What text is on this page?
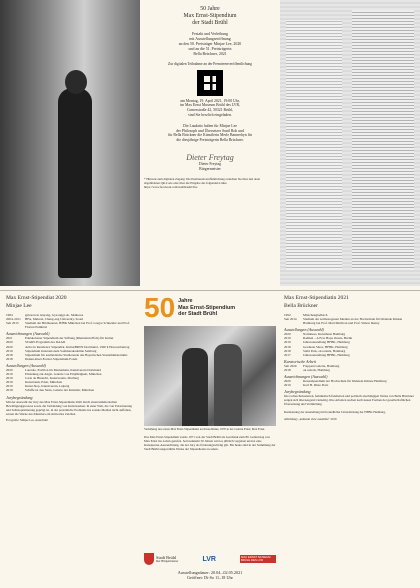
50 Jahre
Max Ernst-Stipendium
der Stadt Brühl
Festakt und Verleihung
mit Ausstellungseröffnung
an den 50. Preisträger Minjae Lee, 2020
und an die 51. Preisträgerin
Bella Brückner, 2021
Zur digitalen Teilnahme an der Premierenveröffentlichung
am Montag, 19. April 2021, 19:00 Uhr,
im Max Ernst Museum Brühl des LVR,
Comesstraße 42, 50321 Brühl,
sind Sie herzlich eingeladen.
Die Laudatio halten für Minjae Lee
der Philosoph und Übersetzer Sunil Roh und
für Bella Brückner die Künstlerin Merle Bannerhyn für
die diesjährige Preisträgerin Bella Brückner.
Dieter Freytag
Dieter Freytag
Bürgermeister
* Hinweis zum digitalen Zugang: Die Premierenveröffentlichung erreichen Sie über den oben abgebildeten QR-Code oder über die Eingabe des folgenden Links: https://www.facebook.com/stadtbruehl/live
Max Ernst-Stipendiat 2020
Minjae Lee
1984	geboren in Anyang, Gyeonggi-do, Südkorea
2004–2011	BFA, Malerei, Chung-ang University, Seoul
Seit 2015	Studium der Bildhauerei, HfBK München bei Prof. Gregor Schneider und Prof. Florian Pumhösl
Auszeichnungen (Auswahl)
2021	Edenkobener Stipendium der Stiftung (Rheinland-Pfalz) für Kultur
2020	START-Programm des DAAD
2020	Artist in Residence Stipendiat, KulturBRNS Dortmund, 1500 € Honorarbeitrag
2019	Stipendium Internationale Sommerakademie Salzburg
2018	Stipendium für ausländische Studierende des Bayerischen Staatsministeriums
2018	Dokun-Kuel-Forster-Stipendium-Fonds
Ausstellungen (Auswahl)
2020	Laterale, Pavillon im Marienhain, Kunstverein Dortmund
2019	Einladung zur Angst, Galerie von Einjährigkeit, München
2019	Carte de Hinsicht, Kunstverein, Marburg
2019	Kunstraum, Eden, München
2019	Kunst.Stop, Kunstverein, Leipzig
2018	Schiffe ist den Stein, Galerie der Künstler, München
Jurybegründung
Mit der Auswahl der Jury des Max Ernst-Stipendiums 2020 durch einen künstlerischen Bewältigungsprozess sowie die Verbindung von Kunstwerken. In einer Welt, die von Polarisierung und Selbstoptimierung geprägt ist, in der persönliche Probleme ins soziale Medien nicht auffallen, setzen die Werke des Künstlers ein sinnvolles Zeichen.
Fotografie: Minjae Lee, Ausschnitt
50 Jahre
Max Ernst-Stipendium
der Stadt Brühl
Verleihung des ersten Max Ernst-Stipendiums an Klaus Rinke, 1970 in der Galerie Ernst; Max Ernst.
Das Max Ernst-Stipendium wurde 1971 von der Stadt Brühl als Geschenk zum 80. Geburtstag von Max Ernst ins Leben gerufen. Seit nunmehr 50 Jahren wird es jährlich vergeben und ist eine Kunstpreise-Auszeichnung, die der Jury als förderungswürdig gilt. Bis heute sind in der Sammlung der Stadt Brühl ausgewählte Werke der Stipendiaten zu sehen.
Max Ernst-Stipendiatin 2021
Bella Brückner
1992	Mönchengladbach
Seit 2014	Studium der zeitbezogenen Medien an der Hochschule für bildende Künste Hamburg bei Prof. Matt Mullican und Prof. Simon Denny
Ausstellungen (Auswahl)
2020	Nominees, Kunsthaus Hamburg
2019	Radikal – A Few Hope shouts, Berlin
2019	Jahresausstellung HFBK, Hamburg
2018	Graduate Show, HFBK, Hamburg
2018	Stahl Park, ok rentals, Hamburg
2017	Jahresausstellung HFBK, Hamburg
Kuratorische Arbeit
Seit 2020	Frappant Galerie, Hamburg
2018	ok rentals, Hamburg
Auszeichnungen (Auswahl)
2020	Reisestipendium der Hochschule für bildende Künste Hamburg
2019	Karl H. Ditze Preis
Jurybegründung
Die recherchebasierten, feministisch fundierten und politisch anschlägigen Werke von Bella Brückner zeigen sich überzeugend vielseitig. Ihre Arbeiten suchen nach neuen Formen der gesellschaftlichen Übersetzung und Vermittlung.
Realisierung der Ausstellung mit freundlicher Unterstützung der HFBK Hamburg.
Abbildung: „unmeant view assemble“ 2019
Stadt Brühl
Der Bürgermeister	LVR	MAX ERNST MUSEUM BRÜHL DES LVR
Ausstellungsdauer: 20.04.–02.05.2021
Geöffnet: Di-So 11–18 Uhr
